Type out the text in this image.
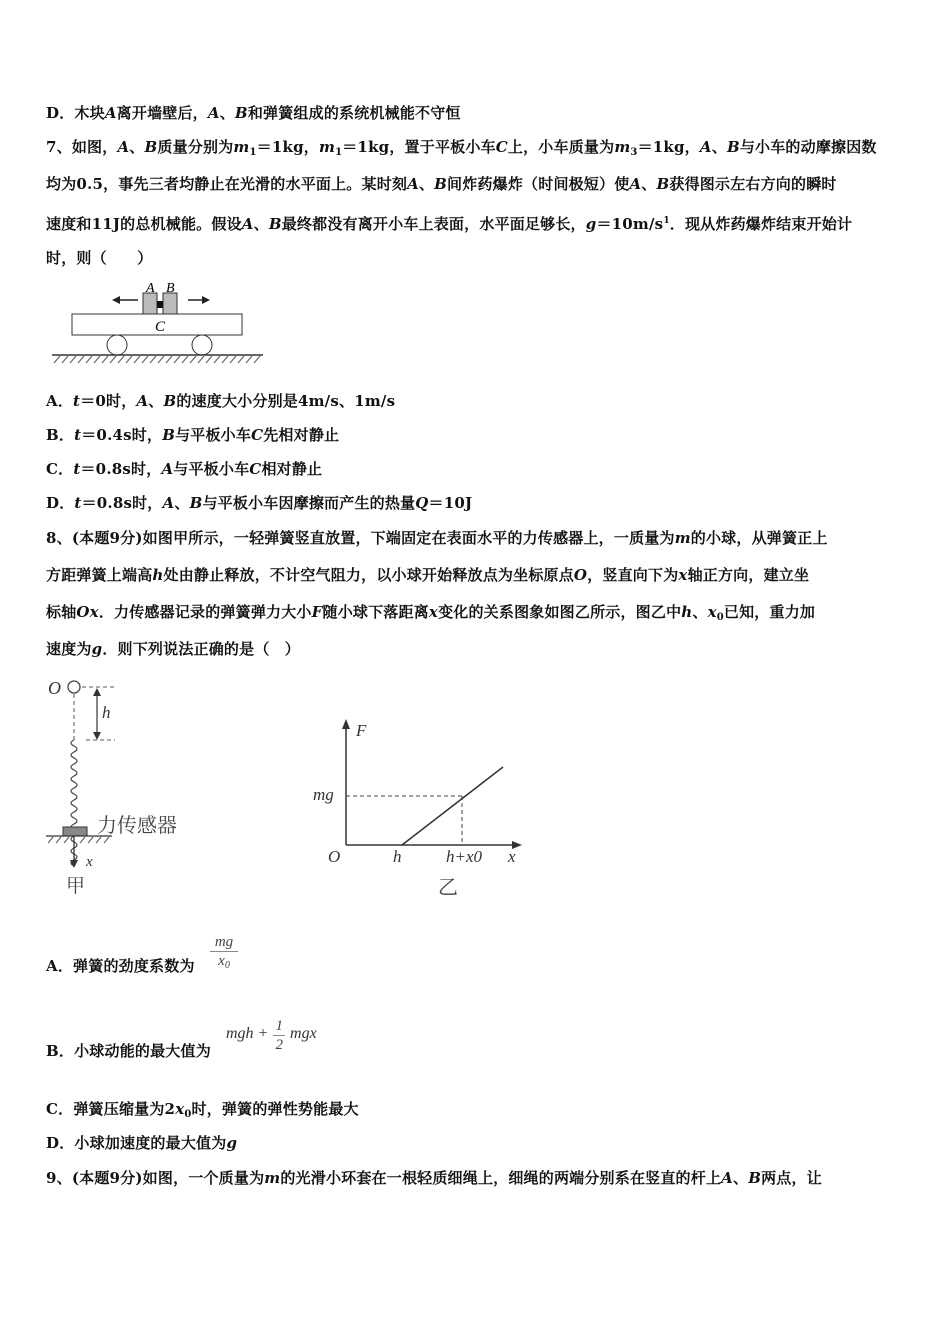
D．木块A离开墙壁后，A、B和弹簧组成的系统机械能不守恒
7、如图，A、B质量分别为$m_1=1kg$，$m_1=1kg$，置于平板小车C上，小车质量为$m_3=1kg$，A、B与小车的动摩擦因数
均为0.5，事先三者均静止在光滑的水平面上。某时刻A、B间炸药爆炸（时间极短）使A、B获得图示左右方向的瞬时
速度和11J的总机械能。假设A、B最终都没有离开小车上表面，水平面足够长，$g=10m/s^1$．现从炸药爆炸结束开始计
时，则（　　）
A B
C
A．t＝0时，A、B的速度大小分别是4m/s、1m/s
B．t＝0.4s时，B与平板小车C先相对静止
C．t＝0.8s时，A与平板小车C相对静止
D．t＝0.8s时，A、B与平板小车因摩擦而产生的热量Q＝10J
8、(本题9分)如图甲所示，一轻弹簧竖直放置，下端固定在表面水平的力传感器上，一质量为m的小球，从弹簧正上
方距弹簧上端高h处由静止释放，不计空气阻力，以小球开始释放点为坐标原点O，竖直向下为x轴正方向，建立坐
标轴Ox．力传感器记录的弹簧弹力大小F随小球下落距离x变化的关系图象如图乙所示，图乙中h、$x_0$已知，重力加
速度为g．则下列说法正确的是（　）
O
h
力传感器
x
甲
F
O	h	h+x0 x
mg
乙
A．弹簧的劲度系数为 $\frac{mg}{x_0}$
B．小球动能的最大值为
mgh + $\frac{1}{2}$ mgx
C．弹簧压缩量为$2x_0$时，弹簧的弹性势能最大
D．小球加速度的最大值为g
9、(本题9分)如图，一个质量为m的光滑小环套在一根轻质细绳上，细绳的两端分别系在竖直的杆上A、B两点，让
